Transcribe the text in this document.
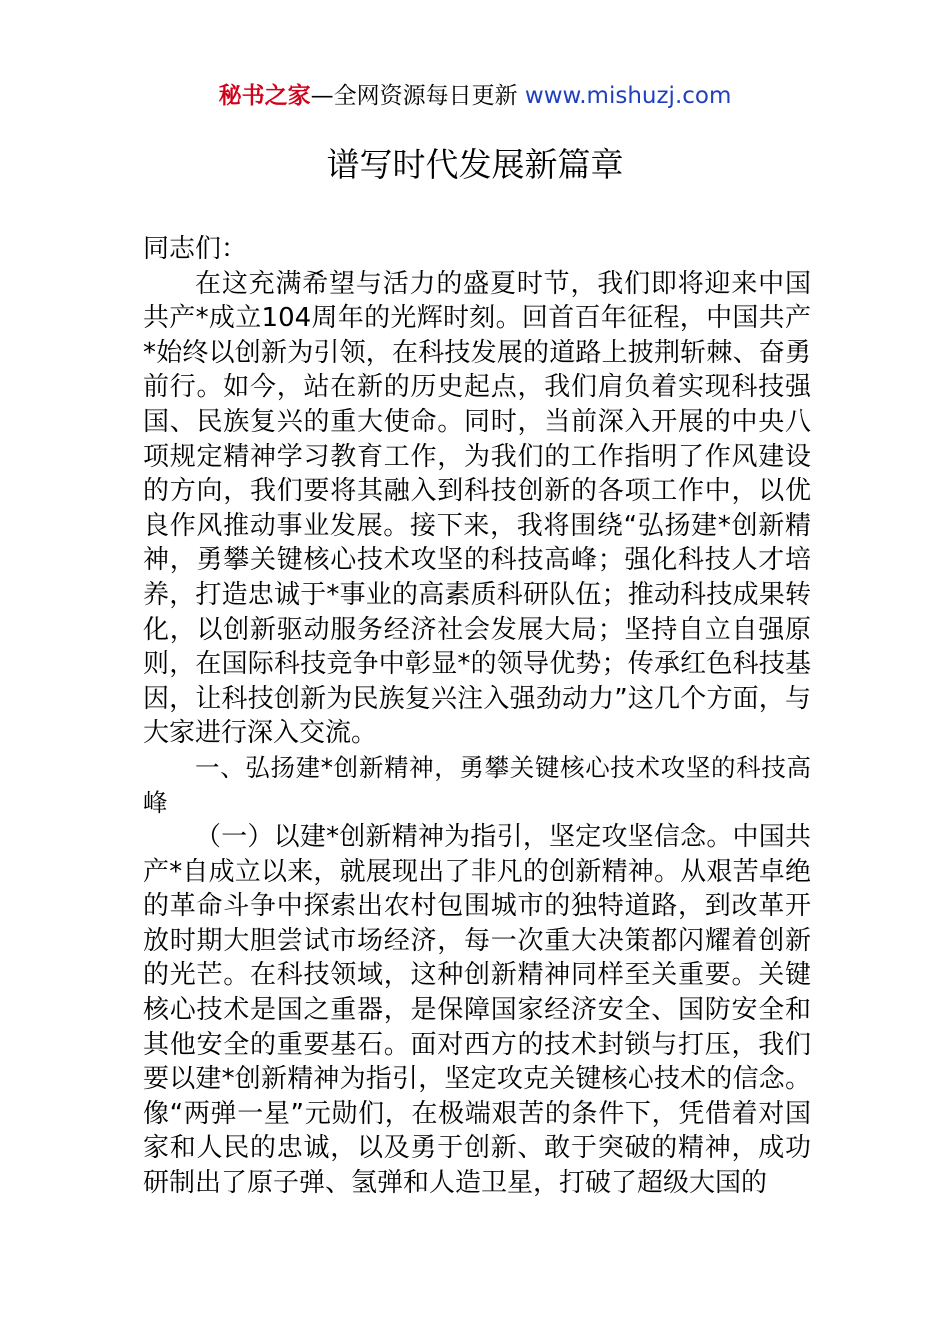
秘书之家—全网资源每日更新 www.mishuzj.com
谱写时代发展新篇章

同志们：

在这充满希望与活力的盛夏时节，我们即将迎来中国共产*成立104周年的光辉时刻。回首百年征程，中国共产*始终以创新为引领，在科技发展的道路上披荆斩棘、奋勇前行。如今，站在新的历史起点，我们肩负着实现科技强国、民族复兴的重大使命。同时，当前深入开展的中央八项规定精神学习教育工作，为我们的工作指明了作风建设的方向，我们要将其融入到科技创新的各项工作中，以优良作风推动事业发展。接下来，我将围绕“弘扬建*创新精神，勇攀关键核心技术攻坚的科技高峰；强化科技人才培养，打造忠诚于*事业的高素质科研队伍；推动科技成果转化，以创新驱动服务经济社会发展大局；坚持自立自强原则，在国际科技竞争中彰显*的领导优势；传承红色科技基因，让科技创新为民族复兴注入强劲动力”这几个方面，与大家进行深入交流。

一、弘扬建*创新精神，勇攀关键核心技术攻坚的科技高峰

（一）以建*创新精神为指引，坚定攻坚信念。中国共产*自成立以来，就展现出了非凡的创新精神。从艰苦卓绝的革命斗争中探索出农村包围城市的独特道路，到改革开放时期大胆尝试市场经济，每一次重大决策都闪耀着创新的光芒。在科技领域，这种创新精神同样至关重要。关键核心技术是国之重器，是保障国家经济安全、国防安全和其他安全的重要基石。面对西方的技术封锁与打压，我们要以建*创新精神为指引，坚定攻克关键核心技术的信念。像“两弹一星”元勋们，在极端艰苦的条件下，凭借着对国家和人民的忠诚，以及勇于创新、敢于突破的精神，成功研制出了原子弹、氢弹和人造卫星，打破了超级大国的
